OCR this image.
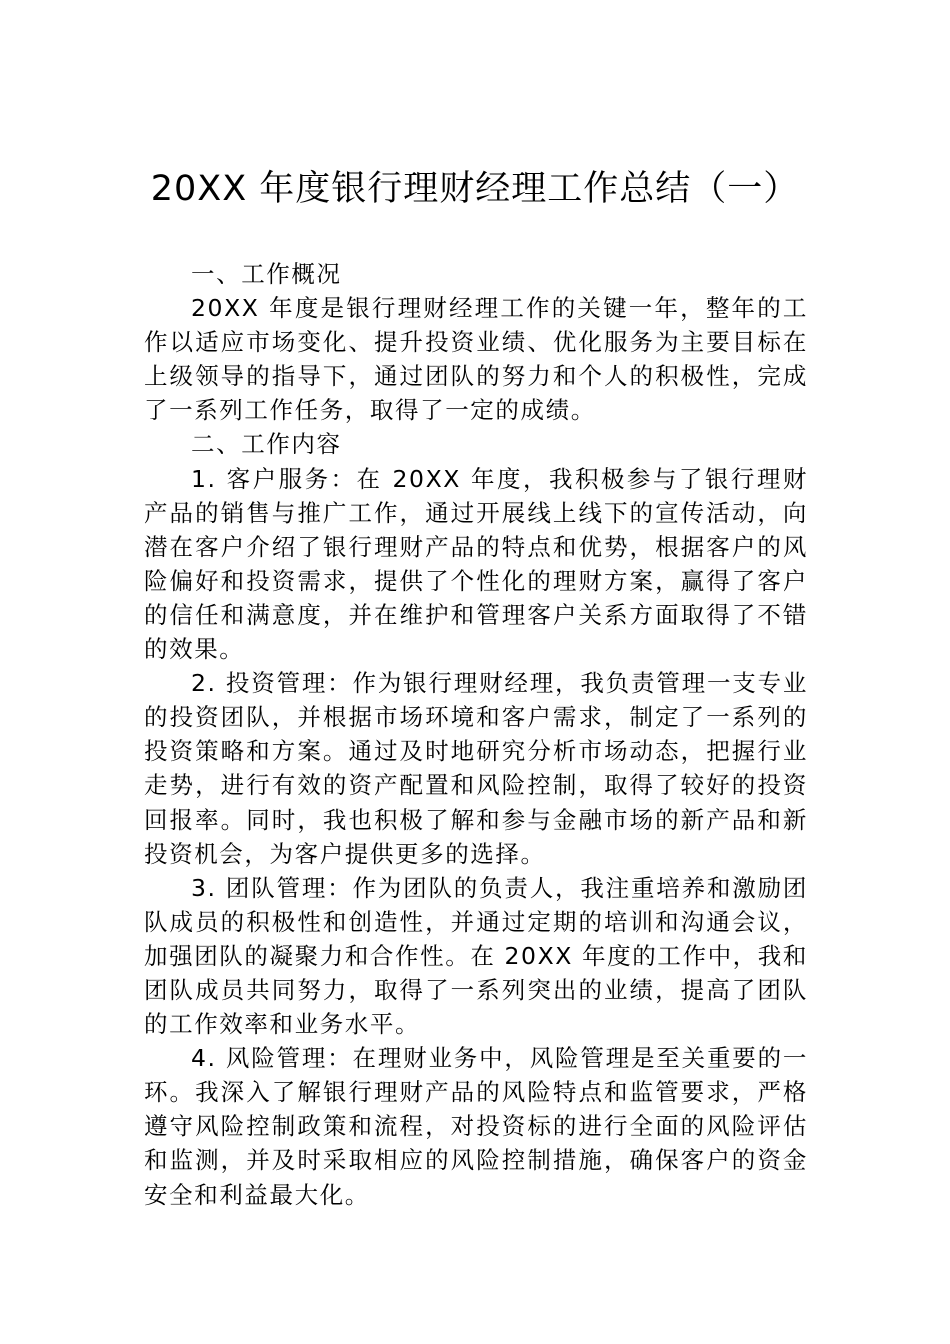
20XX 年度银行理财经理工作总结（一）

一、工作概况

20XX 年度是银行理财经理工作的关键一年，整年的工作以适应市场变化、提升投资业绩、优化服务为主要目标在上级领导的指导下，通过团队的努力和个人的积极性，完成了一系列工作任务，取得了一定的成绩。

二、工作内容

1. 客户服务：在 20XX 年度，我积极参与了银行理财产品的销售与推广工作，通过开展线上线下的宣传活动，向潜在客户介绍了银行理财产品的特点和优势，根据客户的风险偏好和投资需求，提供了个性化的理财方案，赢得了客户的信任和满意度，并在维护和管理客户关系方面取得了不错的效果。

2. 投资管理：作为银行理财经理，我负责管理一支专业的投资团队，并根据市场环境和客户需求，制定了一系列的投资策略和方案。通过及时地研究分析市场动态，把握行业走势，进行有效的资产配置和风险控制，取得了较好的投资回报率。同时，我也积极了解和参与金融市场的新产品和新投资机会，为客户提供更多的选择。

3. 团队管理：作为团队的负责人，我注重培养和激励团队成员的积极性和创造性，并通过定期的培训和沟通会议，加强团队的凝聚力和合作性。在 20XX 年度的工作中，我和团队成员共同努力，取得了一系列突出的业绩，提高了团队的工作效率和业务水平。

4. 风险管理：在理财业务中，风险管理是至关重要的一环。我深入了解银行理财产品的风险特点和监管要求，严格遵守风险控制政策和流程，对投资标的进行全面的风险评估和监测，并及时采取相应的风险控制措施，确保客户的资金安全和利益最大化。
